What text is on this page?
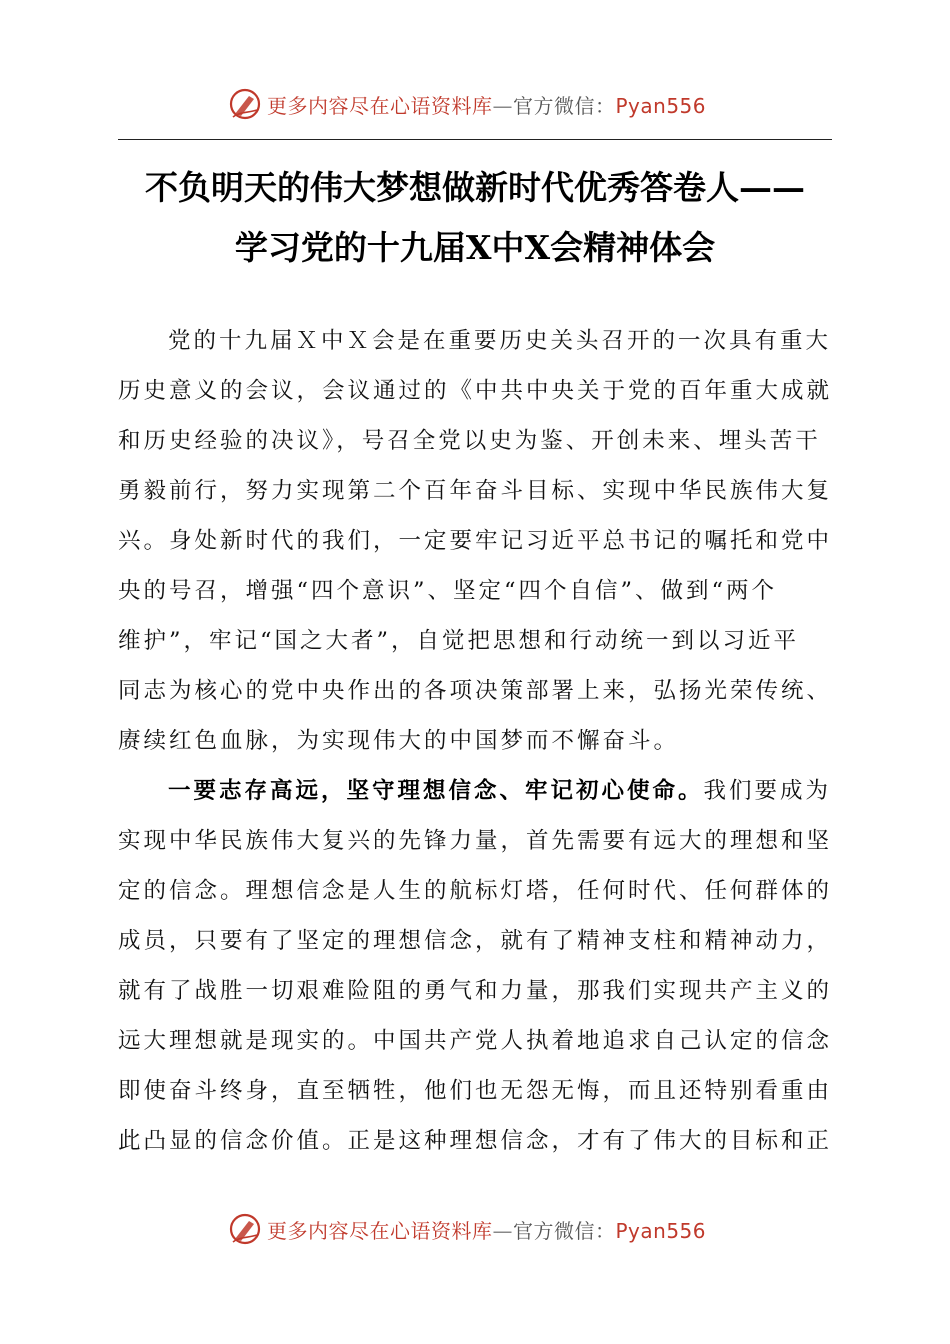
更多内容尽在心语资料库—官方微信：Pyan556
不负明天的伟大梦想做新时代优秀答卷人——
学习党的十九届X中X会精神体会
党的十九届Ｘ中Ｘ会是在重要历史关头召开的一次具有重大
历史意义的会议，会议通过的《中共中央关于党的百年重大成就
和历史经验的决议》，号召全党以史为鉴、开创未来、埋头苦干
勇毅前行，努力实现第二个百年奋斗目标、实现中华民族伟大复
兴。身处新时代的我们，一定要牢记习近平总书记的嘱托和党中
央的号召，增强“四个意识”、坚定“四个自信”、做到“两个
维护”，牢记“国之大者”，自觉把思想和行动统一到以习近平
同志为核心的党中央作出的各项决策部署上来，弘扬光荣传统、
赓续红色血脉，为实现伟大的中国梦而不懈奋斗。
一要志存高远，坚守理想信念、牢记初心使命。我们要成为
实现中华民族伟大复兴的先锋力量，首先需要有远大的理想和坚
定的信念。理想信念是人生的航标灯塔，任何时代、任何群体的
成员，只要有了坚定的理想信念，就有了精神支柱和精神动力，
就有了战胜一切艰难险阻的勇气和力量，那我们实现共产主义的
远大理想就是现实的。中国共产党人执着地追求自己认定的信念
即使奋斗终身，直至牺牲，他们也无怨无悔，而且还特别看重由
此凸显的信念价值。正是这种理想信念，才有了伟大的目标和正
更多内容尽在心语资料库—官方微信：Pyan556
